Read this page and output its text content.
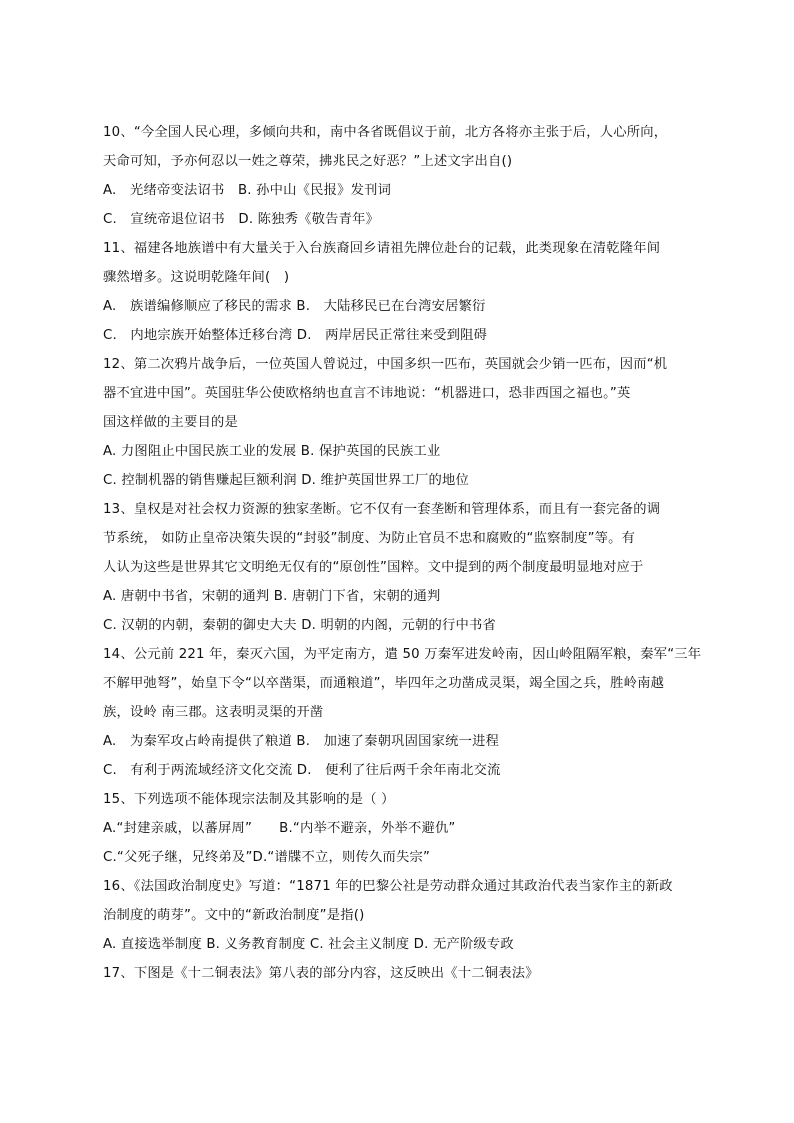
10、“今全国人民心理，多倾向共和，南中各省既倡议于前，北方各将亦主张于后，人心所向，
天命可知，予亦何忍以一姓之尊荣，拂兆民之好恶？”上述文字出自()
A.　光绪帝变法诏书　B. 孙中山《民报》发刊词
C.　宣统帝退位诏书　D. 陈独秀《敬告青年》
11、福建各地族谱中有大量关于入台族裔回乡请祖先牌位赴台的记载，此类现象在清乾隆年间
骤然增多。这说明乾隆年间(　)
A.　族谱编修顺应了移民的需求 B.　大陆移民已在台湾安居繁衍
C.　内地宗族开始整体迁移台湾 D.　两岸居民正常往来受到阻碍
12、第二次鸦片战争后，一位英国人曾说过，中国多织一匹布，英国就会少销一匹布，因而“机
器不宜进中国”。英国驻华公使欧格纳也直言不讳地说：“机器进口，恐非西国之福也。”英
国这样做的主要目的是
A. 力图阻止中国民族工业的发展 B. 保护英国的民族工业
C. 控制机器的销售赚起巨额利润 D. 维护英国世界工厂的地位
13、皇权是对社会权力资源的独家垄断。它不仅有一套垄断和管理体系，而且有一套完备的调
节系统， 如防止皇帝决策失误的“封驳”制度、为防止官员不忠和腐败的“监察制度”等。有
人认为这些是世界其它文明绝无仅有的“原创性”国粹。文中提到的两个制度最明显地对应于
A. 唐朝中书省，宋朝的通判 B. 唐朝门下省，宋朝的通判
C. 汉朝的内朝，秦朝的御史大夫 D. 明朝的内阁，元朝的行中书省
14、公元前 221 年，秦灭六国，为平定南方，遣 50 万秦军进发岭南，因山岭阻隔军粮，秦军“三年
不解甲弛弩”，始皇下令“以卒凿渠，而通粮道”，毕四年之功凿成灵渠，竭全国之兵，胜岭南越
族，设岭 南三郡。这表明灵渠的开凿
A.　为秦军攻占岭南提供了粮道 B.　加速了秦朝巩固国家统一进程
C.　有利于两流域经济文化交流 D.　便利了往后两千余年南北交流
15、下列选项不能体现宗法制及其影响的是（ ）
A.“封建亲戚，以蕃屏周”　　B.“内举不避亲，外举不避仇”
C.“父死子继，兄终弟及”D.“谱牒不立，则传久而失宗”
16、《法国政治制度史》写道：“1871 年的巴黎公社是劳动群众通过其政治代表当家作主的新政
治制度的萌芽”。文中的“新政治制度”是指()
A. 直接选举制度 B. 义务教育制度 C. 社会主义制度 D. 无产阶级专政
17、下图是《十二铜表法》第八表的部分内容，这反映出《十二铜表法》
